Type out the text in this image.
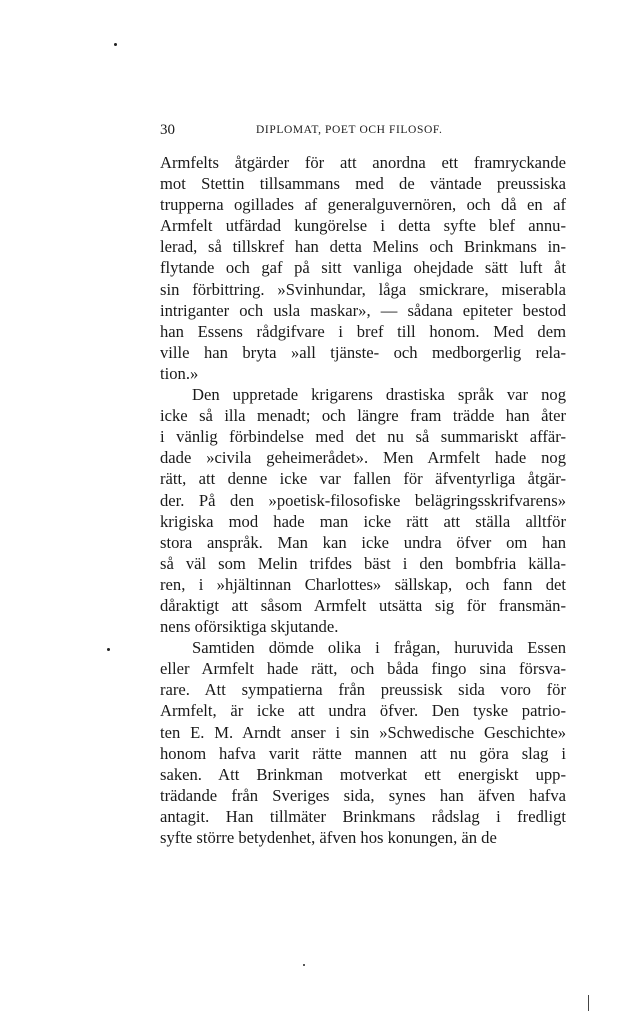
30	DIPLOMAT, POET OCH FILOSOF.
Armfelts åtgärder för att anordna ett framryckande
mot Stettin tillsammans med de väntade preussiska
trupperna ogillades af generalguvernören, och då en af
Armfelt utfärdad kungörelse i detta syfte blef annu-
lerad, så tillskref han detta Melins och Brinkmans in-
flytande och gaf på sitt vanliga ohejdade sätt luft åt
sin förbittring. »Svinhundar, låga smickrare, miserabla
intriganter och usla maskar», — sådana epiteter bestod
han Essens rådgifvare i bref till honom. Med dem
ville han bryta »all tjänste- och medborgerlig rela-
tion.»
Den uppretade krigarens drastiska språk var nog
icke så illa menadt; och längre fram trädde han åter
i vänlig förbindelse med det nu så summariskt affär-
dade »civila geheimerådet». Men Armfelt hade nog
rätt, att denne icke var fallen för äfventyrliga åtgär-
der. På den »poetisk-filosofiske belägringsskrifvarens»
krigiska mod hade man icke rätt att ställa alltför
stora anspråk. Man kan icke undra öfver om han
så väl som Melin trifdes bäst i den bombfria källa-
ren, i »hjältinnan Charlottes» sällskap, och fann det
dåraktigt att såsom Armfelt utsätta sig för fransmän-
nens oförsiktiga skjutande.
Samtiden dömde olika i frågan, huruvida Essen
eller Armfelt hade rätt, och båda fingo sina försva-
rare. Att sympatierna från preussisk sida voro för
Armfelt, är icke att undra öfver. Den tyske patrio-
ten E. M. Arndt anser i sin »Schwedische Geschichte»
honom hafva varit rätte mannen att nu göra slag i
saken. Att Brinkman motverkat ett energiskt upp-
trädande från Sveriges sida, synes han äfven hafva
antagit. Han tillmäter Brinkmans rådslag i fredligt
syfte större betydenhet, äfven hos konungen, än de
